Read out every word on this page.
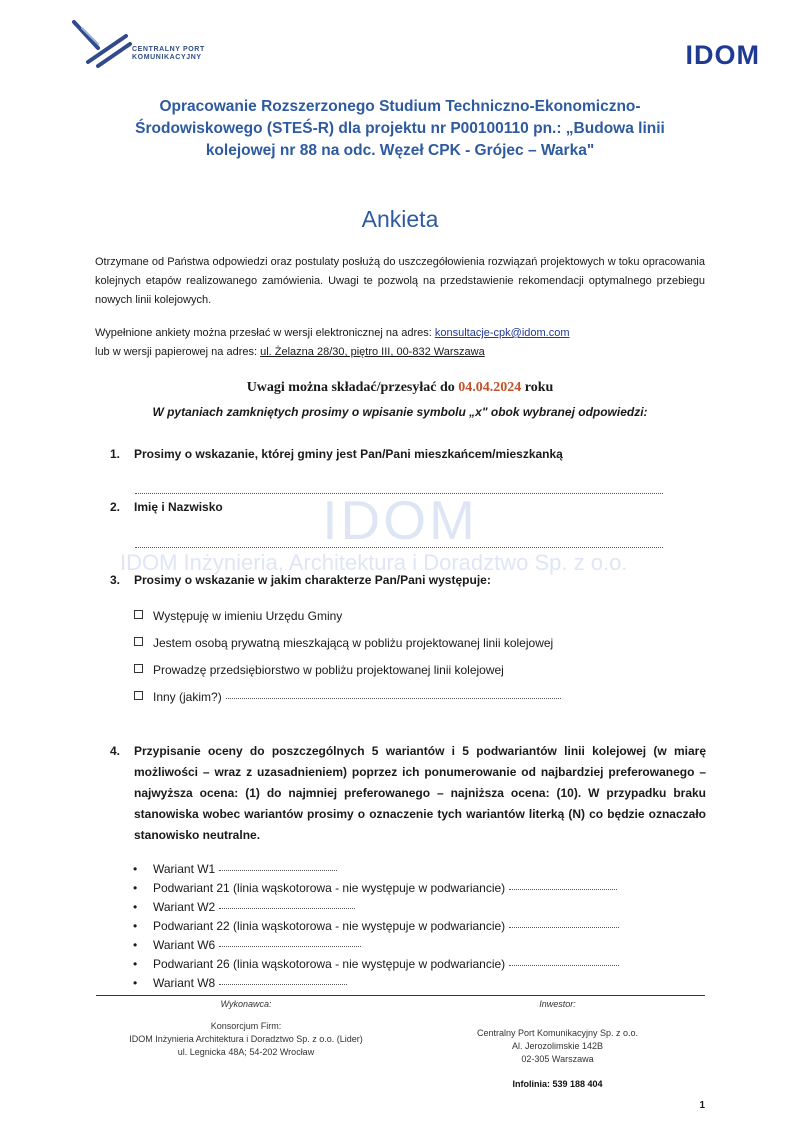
CENTRALNY PORT KOMUNIKACYJNY	IDOM
IDOM
IDOM Inżynieria, Architektura i Doradztwo Sp. z o.o.
Opracowanie Rozszerzonego Studium Techniczno-Ekonomiczno-
Środowiskowego (STEŚ-R) dla projektu nr P00100110 pn.: „Budowa linii
kolejowej nr 88 na odc. Węzeł CPK - Grójec – Warka"
Ankieta
Otrzymane od Państwa odpowiedzi oraz postulaty posłużą do uszczegółowienia rozwiązań projektowych w toku opracowania kolejnych etapów realizowanego zamówienia. Uwagi te pozwolą na przedstawienie rekomendacji optymalnego przebiegu nowych linii kolejowych.
Wypełnione ankiety można przesłać w wersji elektronicznej na adres: konsultacje-cpk@idom.com
lub w wersji papierowej na adres: ul. Żelazna 28/30, piętro III, 00-832 Warszawa
Uwagi można składać/przesyłać do 04.04.2024 roku
W pytaniach zamkniętych prosimy o wpisanie symbolu „x" obok wybranej odpowiedzi:
1. Prosimy o wskazanie, której gminy jest Pan/Pani mieszkańcem/mieszkanką
2. Imię i Nazwisko
3. Prosimy o wskazanie w jakim charakterze Pan/Pani występuje:
Występuję w imieniu Urzędu Gminy
Jestem osobą prywatną mieszkającą w pobliżu projektowanej linii kolejowej
Prowadzę przedsiębiorstwo w pobliżu projektowanej linii kolejowej
Inny (jakim?)
4. Przypisanie oceny do poszczególnych 5 wariantów i 5 podwariantów linii kolejowej (w miarę możliwości – wraz z uzasadnieniem) poprzez ich ponumerowanie od najbardziej preferowanego – najwyższa ocena: (1) do najmniej preferowanego – najniższa ocena: (10). W przypadku braku stanowiska wobec wariantów prosimy o oznaczenie tych wariantów literką (N) co będzie oznaczało stanowisko neutralne.
• Wariant W1
• Podwariant 21 (linia wąskotorowa - nie występuje w podwariancie)
• Wariant W2
• Podwariant 22 (linia wąskotorowa - nie występuje w podwariancie)
• Wariant W6
• Podwariant 26 (linia wąskotorowa - nie występuje w podwariancie)
• Wariant W8
Wykonawca:
Konsorcjum Firm:
IDOM Inżynieria Architektura i Doradztwo Sp. z o.o. (Lider)
ul. Legnicka 48A; 54-202 Wrocław
Inwestor:
Centralny Port Komunikacyjny Sp. z o.o.
Al. Jerozolimskie 142B
02-305 Warszawa
Infolinia: 539 188 404
1
